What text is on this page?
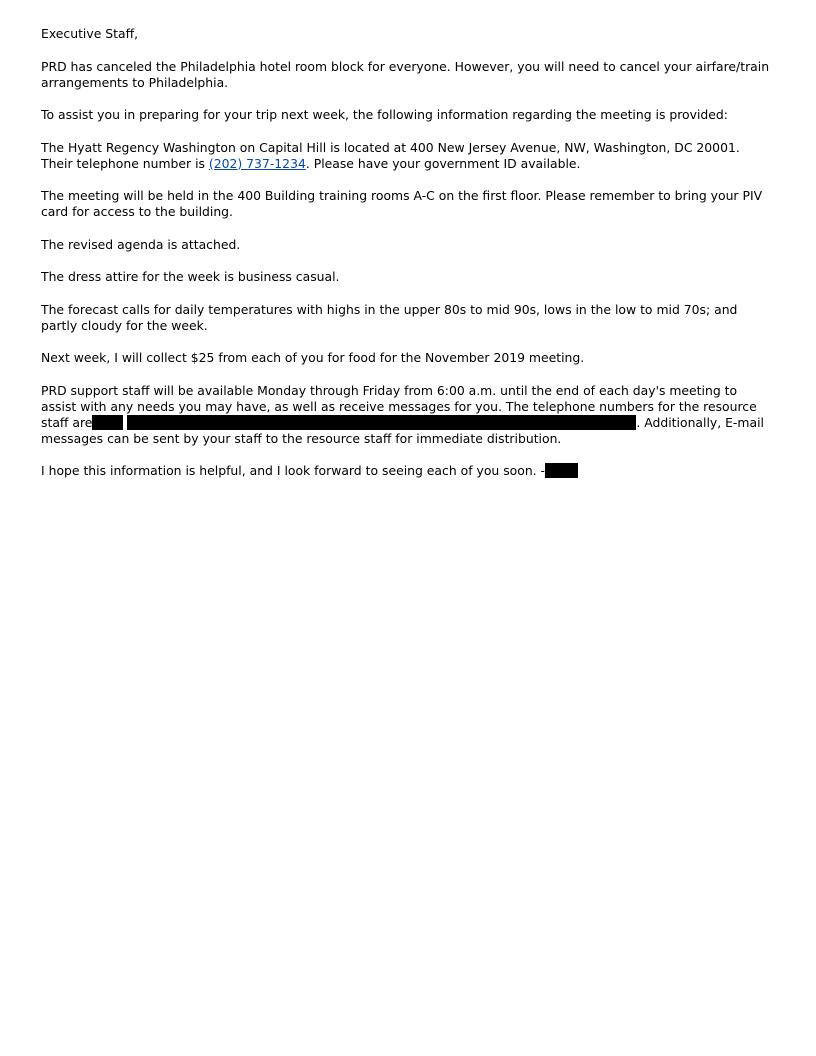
Executive Staff,

PRD has canceled the Philadelphia hotel room block for everyone. However, you will need to cancel your airfare/train arrangements to Philadelphia.

To assist you in preparing for your trip next week, the following information regarding the meeting is provided:

The Hyatt Regency Washington on Capital Hill is located at 400 New Jersey Avenue, NW, Washington, DC 20001. Their telephone number is (202) 737-1234. Please have your government ID available.

The meeting will be held in the 400 Building training rooms A-C on the first floor. Please remember to bring your PIV card for access to the building.

The revised agenda is attached.

The dress attire for the week is business casual.

The forecast calls for daily temperatures with highs in the upper 80s to mid 90s, lows in the low to mid 70s; and partly cloudy for the week.

Next week, I will collect $25 from each of you for food for the November 2019 meeting.

PRD support staff will be available Monday through Friday from 6:00 a.m. until the end of each day's meeting to assist with any needs you may have, as well as receive messages for you. The telephone numbers for the resource staff are	. Additionally, E-mail messages can be sent by your staff to the resource staff for immediate distribution.

I hope this information is helpful, and I look forward to seeing each of you soon. -
